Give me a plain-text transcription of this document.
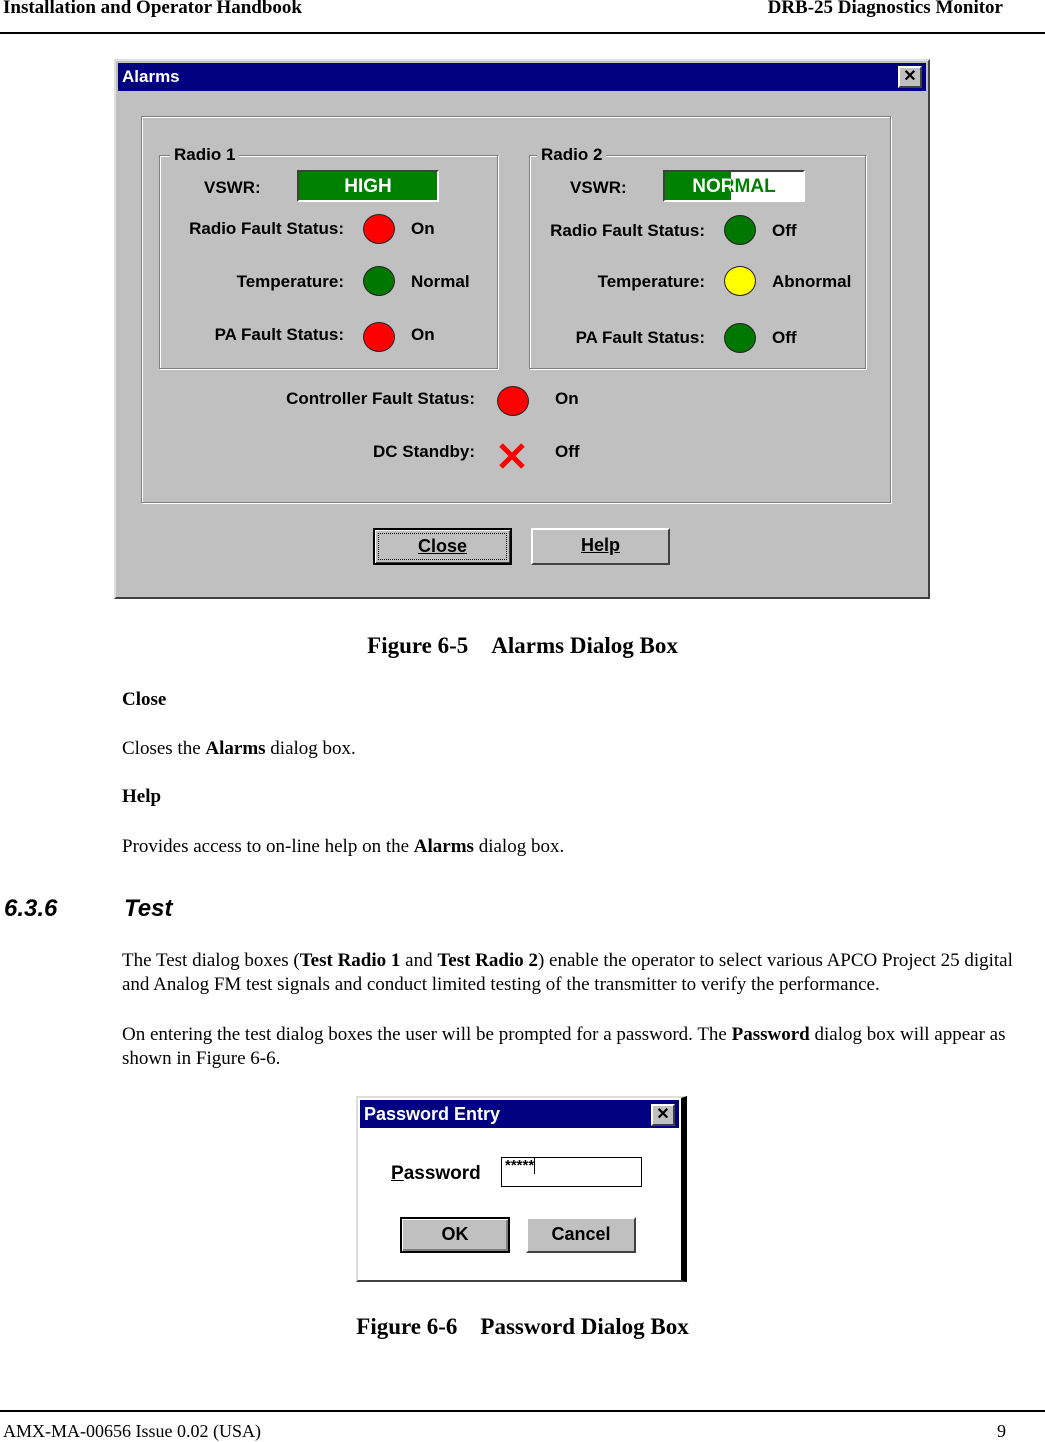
Installation and Operator Handbook	DRB-25 Diagnostics Monitor
Alarms	✕
Radio 1
VSWR:	HIGH
Radio Fault Status:	On
Temperature:	Normal
PA Fault Status:	On
Radio 2
VSWR:	NORMAL
Radio Fault Status:	Off
Temperature:	Abnormal
PA Fault Status:	Off
Controller Fault Status:	On
DC Standby:	Off
Close	Help
Figure 6-5 Alarms Dialog Box
Close
Closes the Alarms dialog box.
Help
Provides access to on-line help on the Alarms dialog box.
6.3.6	Test
The Test dialog boxes (Test Radio 1 and Test Radio 2) enable the operator to select various APCO Project 25 digital and Analog FM test signals and conduct limited testing of the transmitter to verify the performance.
On entering the test dialog boxes the user will be prompted for a password. The Password dialog box will appear as shown in Figure 6-6.
Password Entry	✕
Password *****
OK	Cancel
Figure 6-6 Password Dialog Box
AMX-MA-00656 Issue 0.02 (USA)	9
